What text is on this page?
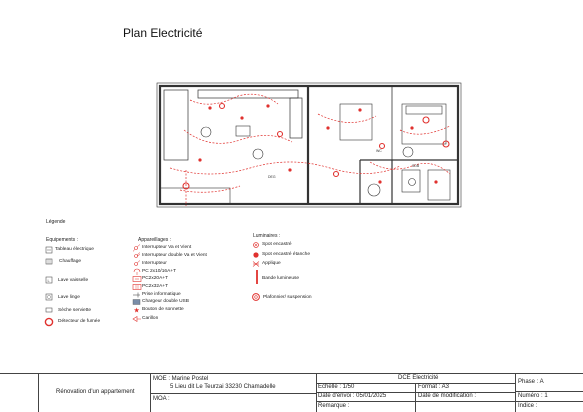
Plan Electricité
WC
SDB
DEG
Légende
Equipements :
Tableau électrique
Chauffage
L Lave vaisselle
Lave linge
Sèche serviette
Détecteur de fumée
Appareillages :
Interrupteur Va et Vient
Interrupteur double Va et Vient
Interrupteur
PC 2x10/16A+T
PC2x20A+T
PC2x32A+T
Prise informatique
Chargeur double USB
★ Bouton de sonnette
Carillon
Luminaires :
Spot encastré
Spot encastré étanche
Applique
Bande lumineuse
Plafonnier/ suspension
Rénovation d'un appartement
MOE : Marine Postel
5 Lieu dit Le Teurzai 33230 Chamadelle
MOA :
DCE Electricité
Echelle : 1/50	Format : A3
Date d'envoi : 05/01/2025	Date de modification :
Remarque :
Phase : A
Numéro : 1
Indice :
